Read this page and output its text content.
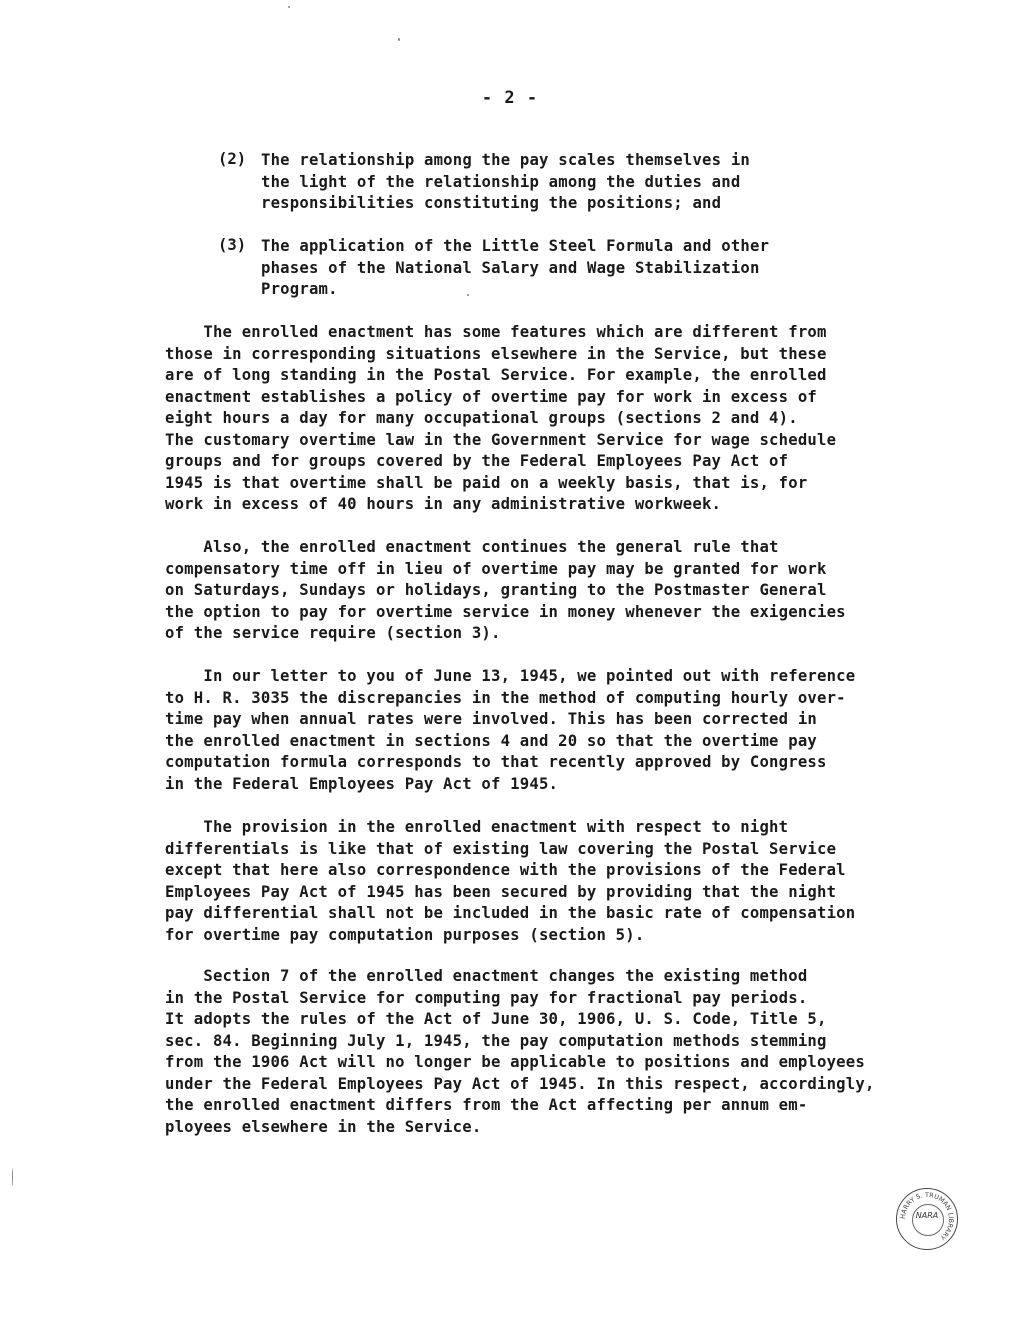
- 2 -
(2) The relationship among the pay scales themselves in
the light of the relationship among the duties and
responsibilities constituting the positions; and
(3) The application of the Little Steel Formula and other
phases of the National Salary and Wage Stabilization
Program.
The enrolled enactment has some features which are different from
those in corresponding situations elsewhere in the Service, but these
are of long standing in the Postal Service. For example, the enrolled
enactment establishes a policy of overtime pay for work in excess of
eight hours a day for many occupational groups (sections 2 and 4).
The customary overtime law in the Government Service for wage schedule
groups and for groups covered by the Federal Employees Pay Act of
1945 is that overtime shall be paid on a weekly basis, that is, for
work in excess of 40 hours in any administrative workweek.
Also, the enrolled enactment continues the general rule that
compensatory time off in lieu of overtime pay may be granted for work
on Saturdays, Sundays or holidays, granting to the Postmaster General
the option to pay for overtime service in money whenever the exigencies
of the service require (section 3).
In our letter to you of June 13, 1945, we pointed out with reference
to H. R. 3035 the discrepancies in the method of computing hourly over-
time pay when annual rates were involved. This has been corrected in
the enrolled enactment in sections 4 and 20 so that the overtime pay
computation formula corresponds to that recently approved by Congress
in the Federal Employees Pay Act of 1945.
The provision in the enrolled enactment with respect to night
differentials is like that of existing law covering the Postal Service
except that here also correspondence with the provisions of the Federal
Employees Pay Act of 1945 has been secured by providing that the night
pay differential shall not be included in the basic rate of compensation
for overtime pay computation purposes (section 5).
Section 7 of the enrolled enactment changes the existing method
in the Postal Service for computing pay for fractional pay periods.
It adopts the rules of the Act of June 30, 1906, U. S. Code, Title 5,
sec. 84. Beginning July 1, 1945, the pay computation methods stemming
from the 1906 Act will no longer be applicable to positions and employees
under the Federal Employees Pay Act of 1945. In this respect, accordingly,
the enrolled enactment differs from the Act affecting per annum em-
ployees elsewhere in the Service.
HARRY S. TRUMAN LIBRARY
NARA
